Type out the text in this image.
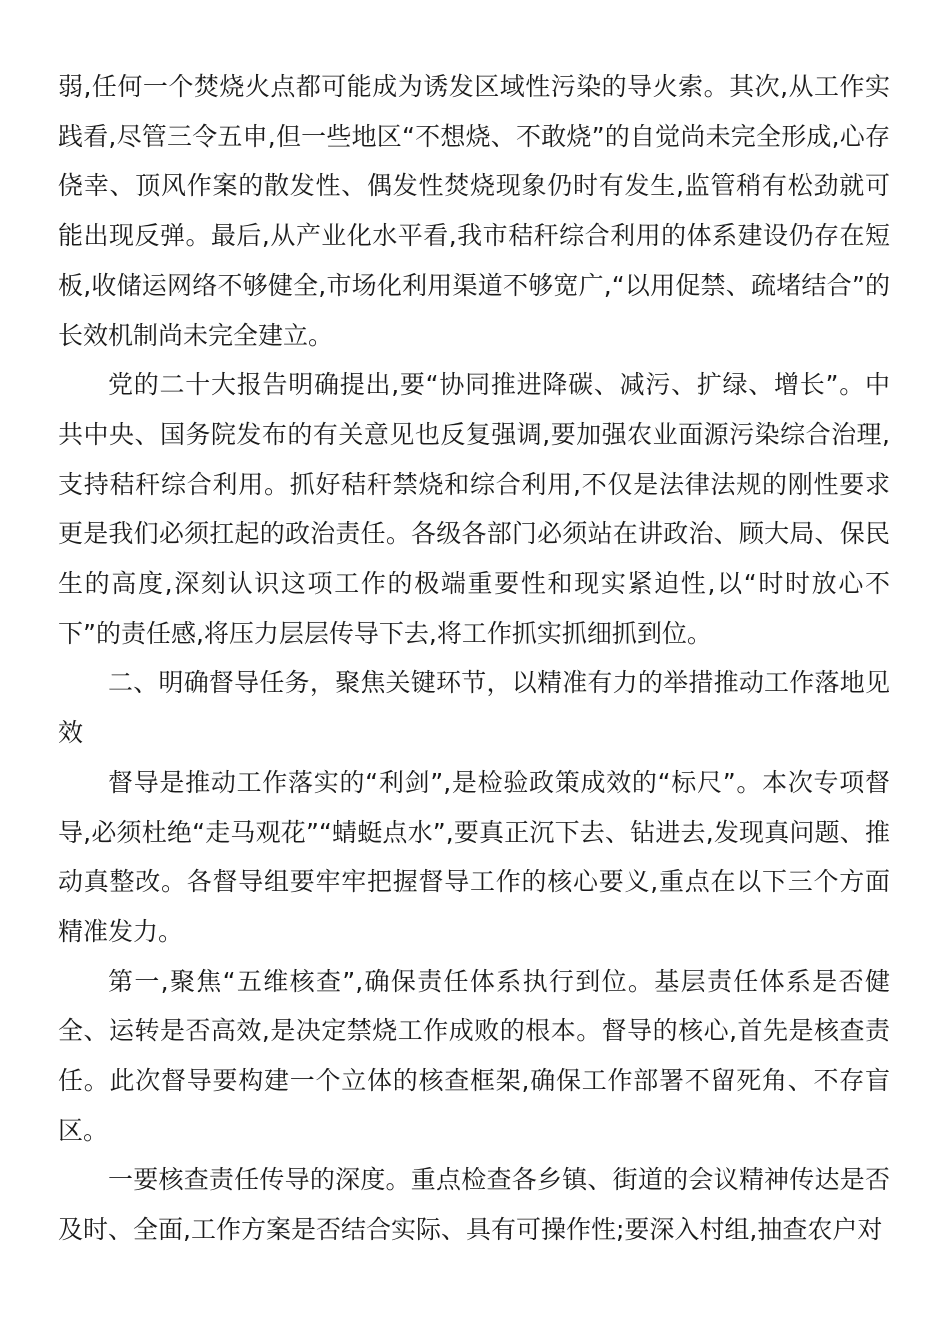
弱,任何一个焚烧火点都可能成为诱发区域性污染的导火索。其次,从工作实践看,尽管三令五申,但一些地区“不想烧、不敢烧”的自觉尚未完全形成,心存侥幸、顶风作案的散发性、偶发性焚烧现象仍时有发生,监管稍有松劲就可能出现反弹。最后,从产业化水平看,我市秸秆综合利用的体系建设仍存在短板,收储运网络不够健全,市场化利用渠道不够宽广,“以用促禁、疏堵结合”的长效机制尚未完全建立。

党的二十大报告明确提出,要“协同推进降碳、减污、扩绿、增长”。中共中央、国务院发布的有关意见也反复强调,要加强农业面源污染综合治理,支持秸秆综合利用。抓好秸秆禁烧和综合利用,不仅是法律法规的刚性要求更是我们必须扛起的政治责任。各级各部门必须站在讲政治、顾大局、保民生的高度,深刻认识这项工作的极端重要性和现实紧迫性,以“时时放心不下”的责任感,将压力层层传导下去,将工作抓实抓细抓到位。

二、明确督导任务，聚焦关键环节，以精准有力的举措推动工作落地见效

督导是推动工作落实的“利剑”,是检验政策成效的“标尺”。本次专项督导,必须杜绝“走马观花”“蜻蜓点水”,要真正沉下去、钻进去,发现真问题、推动真整改。各督导组要牢牢把握督导工作的核心要义,重点在以下三个方面精准发力。

第一,聚焦“五维核查”,确保责任体系执行到位。基层责任体系是否健全、运转是否高效,是决定禁烧工作成败的根本。督导的核心,首先是核查责任。此次督导要构建一个立体的核查框架,确保工作部署不留死角、不存盲区。

一要核查责任传导的深度。重点检查各乡镇、街道的会议精神传达是否及时、全面,工作方案是否结合实际、具有可操作性;要深入村组,抽查农户对
